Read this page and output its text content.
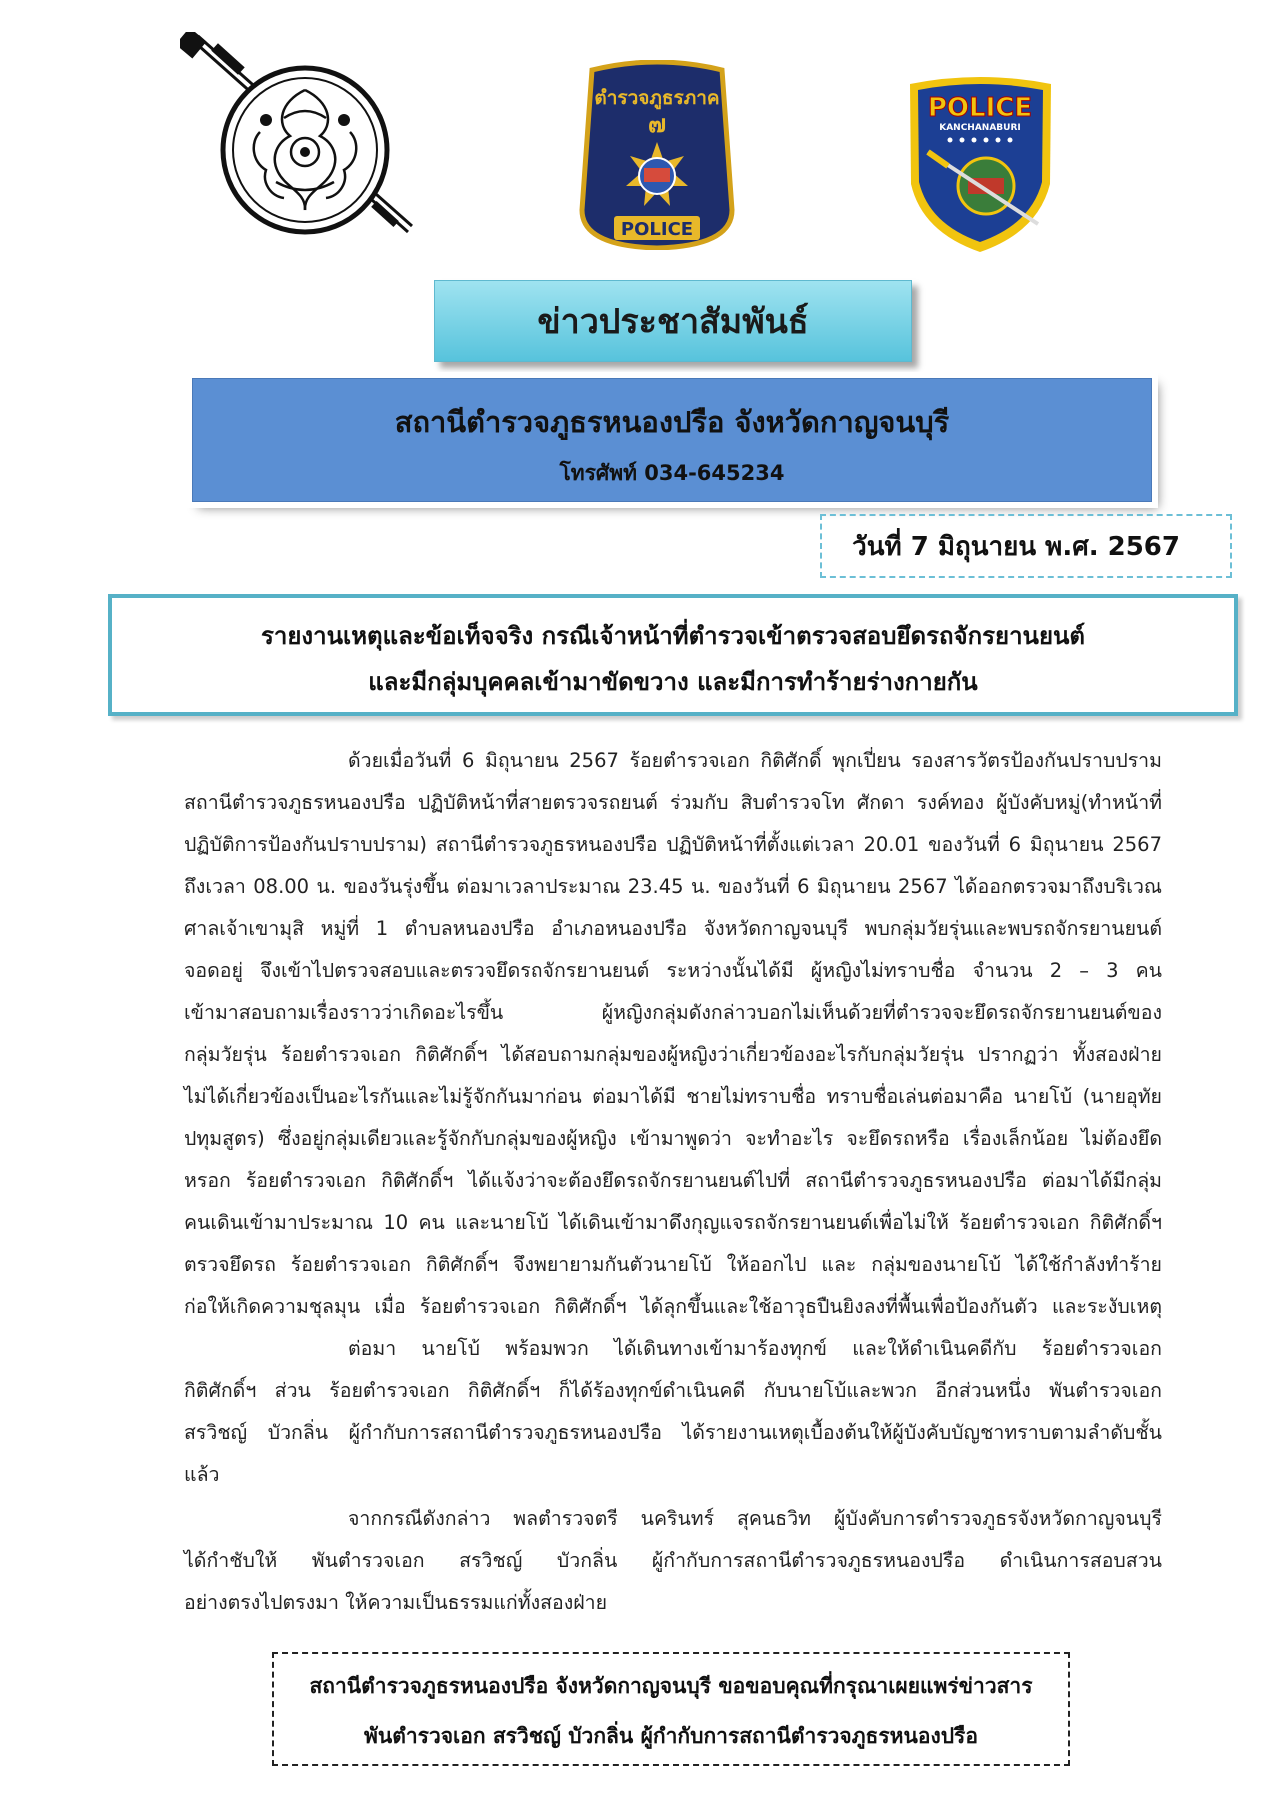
ตำรวจภูธรภาค
๗
POLICE
POLICE
KANCHANABURI
ข่าวประชาสัมพันธ์
สถานีตำรวจภูธรหนองปรือ จังหวัดกาญจนบุรี
โทรศัพท์ 034-645234
วันที่ 7 มิถุนายน พ.ศ. 2567
รายงานเหตุและข้อเท็จจริง กรณีเจ้าหน้าที่ตำรวจเข้าตรวจสอบยึดรถจักรยานยนต์
และมีกลุ่มบุคคลเข้ามาขัดขวาง และมีการทำร้ายร่างกายกัน
ด้วยเมื่อวันที่ 6 มิถุนายน 2567 ร้อยตำรวจเอก กิติศักดิ์ พุกเปี่ยน รองสารวัตรป้องกันปราบปราม
สถานีตำรวจภูธรหนองปรือ ปฏิบัติหน้าที่สายตรวจรถยนต์ ร่วมกับ สิบตำรวจโท ศักดา รงค์ทอง ผู้บังคับหมู่(ทำหน้าที่
ปฏิบัติการป้องกันปราบปราม) สถานีตำรวจภูธรหนองปรือ ปฏิบัติหน้าที่ตั้งแต่เวลา 20.01 ของวันที่ 6 มิถุนายน 2567
ถึงเวลา 08.00 น. ของวันรุ่งขึ้น ต่อมาเวลาประมาณ 23.45 น. ของวันที่ 6 มิถุนายน 2567 ได้ออกตรวจมาถึงบริเวณ
ศาลเจ้าเขามุสิ หมู่ที่ 1 ตำบลหนองปรือ อำเภอหนองปรือ จังหวัดกาญจนบุรี พบกลุ่มวัยรุ่นและพบรถจักรยานยนต์
จอดอยู่ จึงเข้าไปตรวจสอบและตรวจยึดรถจักรยานยนต์ ระหว่างนั้นได้มี ผู้หญิงไม่ทราบชื่อ จำนวน 2 – 3 คน
เข้ามาสอบถามเรื่องราวว่าเกิดอะไรขึ้น ผู้หญิงกลุ่มดังกล่าวบอกไม่เห็นด้วยที่ตำรวจจะยึดรถจักรยานยนต์ของ
กลุ่มวัยรุ่น ร้อยตำรวจเอก กิติศักดิ์ฯ ได้สอบถามกลุ่มของผู้หญิงว่าเกี่ยวข้องอะไรกับกลุ่มวัยรุ่น ปรากฏว่า ทั้งสองฝ่าย
ไม่ได้เกี่ยวข้องเป็นอะไรกันและไม่รู้จักกันมาก่อน ต่อมาได้มี ชายไม่ทราบชื่อ ทราบชื่อเล่นต่อมาคือ นายโบ้ (นายอุทัย
ปทุมสูตร) ซึ่งอยู่กลุ่มเดียวและรู้จักกับกลุ่มของผู้หญิง เข้ามาพูดว่า จะทำอะไร จะยึดรถหรือ เรื่องเล็กน้อย ไม่ต้องยึด
หรอก ร้อยตำรวจเอก กิติศักดิ์ฯ ได้แจ้งว่าจะต้องยึดรถจักรยานยนต์ไปที่ สถานีตำรวจภูธรหนองปรือ ต่อมาได้มีกลุ่ม
คนเดินเข้ามาประมาณ 10 คน และนายโบ้ ได้เดินเข้ามาดึงกุญแจรถจักรยานยนต์เพื่อไม่ให้ ร้อยตำรวจเอก กิติศักดิ์ฯ
ตรวจยึดรถ ร้อยตำรวจเอก กิติศักดิ์ฯ จึงพยายามกันตัวนายโบ้ ให้ออกไป และ กลุ่มของนายโบ้ ได้ใช้กำลังทำร้าย
ก่อให้เกิดความชุลมุน เมื่อ ร้อยตำรวจเอก กิติศักดิ์ฯ ได้ลุกขึ้นและใช้อาวุธปืนยิงลงที่พื้นเพื่อป้องกันตัว และระงับเหตุ
ต่อมา นายโบ้ พร้อมพวก ได้เดินทางเข้ามาร้องทุกข์ และให้ดำเนินคดีกับ ร้อยตำรวจเอก
กิติศักดิ์ฯ ส่วน ร้อยตำรวจเอก กิติศักดิ์ฯ ก็ได้ร้องทุกข์ดำเนินคดี กับนายโบ้และพวก อีกส่วนหนึ่ง พันตำรวจเอก
สรวิชญ์ บัวกลิ่น ผู้กำกับการสถานีตำรวจภูธรหนองปรือ ได้รายงานเหตุเบื้องต้นให้ผู้บังคับบัญชาทราบตามลำดับชั้น
แล้ว
จากกรณีดังกล่าว พลตำรวจตรี นครินทร์ สุคนธวิท ผู้บังคับการตำรวจภูธรจังหวัดกาญจนบุรี
ได้กำชับให้ พันตำรวจเอก สรวิชญ์ บัวกลิ่น ผู้กำกับการสถานีตำรวจภูธรหนองปรือ ดำเนินการสอบสวน
อย่างตรงไปตรงมา ให้ความเป็นธรรมแก่ทั้งสองฝ่าย
สถานีตำรวจภูธรหนองปรือ จังหวัดกาญจนบุรี ขอขอบคุณที่กรุณาเผยแพร่ข่าวสาร
พันตำรวจเอก สรวิชญ์ บัวกลิ่น ผู้กำกับการสถานีตำรวจภูธรหนองปรือ
